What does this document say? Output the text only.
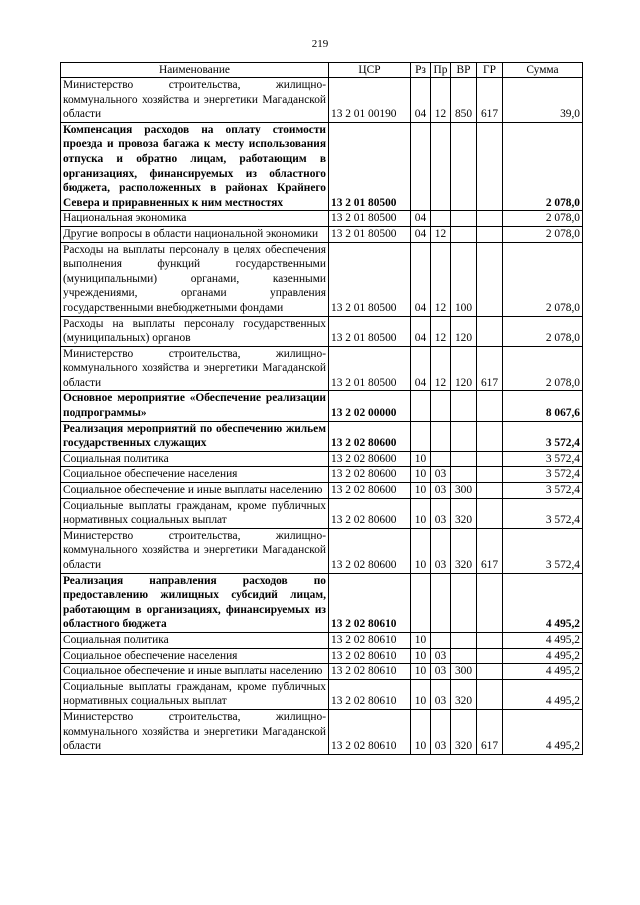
219
Наименование	ЦСР	Рз	Пр	ВР	ГР	Сумма
Министерство строительства, жилищно-коммунального хозяйства и энергетики Магаданской области	13 2 01 00190	04	12	850	617	39,0
Компенсация расходов на оплату стоимости проезда и провоза багажа к месту использования отпуска и обратно лицам, работающим в организациях, финансируемых из областного бюджета, расположенных в районах Крайнего Севера и приравненных к ним местностях	13 2 01 80500					2 078,0
Национальная экономика	13 2 01 80500	04				2 078,0
Другие вопросы в области национальной экономики	13 2 01 80500	04	12			2 078,0
Расходы на выплаты персоналу в целях обеспечения выполнения функций государственными (муниципальными) органами, казенными учреждениями, органами управления государственными внебюджетными фондами	13 2 01 80500	04	12	100		2 078,0
Расходы на выплаты персоналу государственных (муниципальных) органов	13 2 01 80500	04	12	120		2 078,0
Министерство строительства, жилищно-коммунального хозяйства и энергетики Магаданской области	13 2 01 80500	04	12	120	617	2 078,0
Основное мероприятие «Обеспечение реализации подпрограммы»	13 2 02 00000					8 067,6
Реализация мероприятий по обеспечению жильем государственных служащих	13 2 02 80600					3 572,4
Социальная политика	13 2 02 80600	10				3 572,4
Социальное обеспечение населения	13 2 02 80600	10	03			3 572,4
Социальное обеспечение и иные выплаты населению	13 2 02 80600	10	03	300		3 572,4
Социальные выплаты гражданам, кроме публичных нормативных социальных выплат	13 2 02 80600	10	03	320		3 572,4
Министерство строительства, жилищно-коммунального хозяйства и энергетики Магаданской области	13 2 02 80600	10	03	320	617	3 572,4
Реализация направления расходов по предоставлению жилищных субсидий лицам, работающим в организациях, финансируемых из областного бюджета	13 2 02 80610					4 495,2
Социальная политика	13 2 02 80610	10				4 495,2
Социальное обеспечение населения	13 2 02 80610	10	03			4 495,2
Социальное обеспечение и иные выплаты населению	13 2 02 80610	10	03	300		4 495,2
Социальные выплаты гражданам, кроме публичных нормативных социальных выплат	13 2 02 80610	10	03	320		4 495,2
Министерство строительства, жилищно-коммунального хозяйства и энергетики Магаданской области	13 2 02 80610	10	03	320	617	4 495,2
